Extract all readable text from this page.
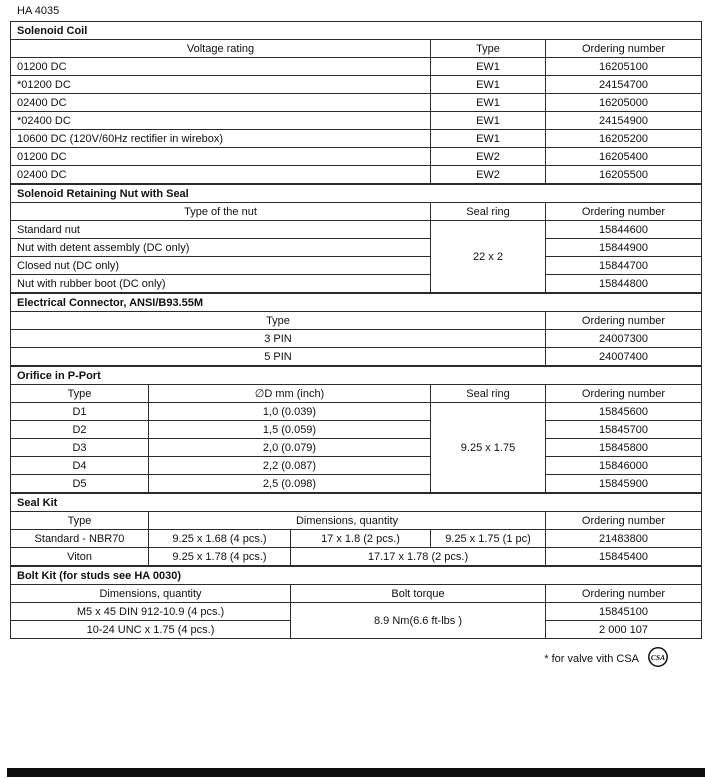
HA 4035
Solenoid Coil		
Voltage rating	Type	Ordering number
01200 DC	EW1	16205100
*01200 DC	EW1	24154700
02400 DC	EW1	16205000
*02400 DC	EW1	24154900
10600 DC (120V/60Hz rectifier in wirebox)	EW1	16205200
01200 DC	EW2	16205400
02400 DC	EW2	16205500
Solenoid Retaining Nut with Seal		
Type of the nut	Seal ring	Ordering number
Standard nut	22 x 2	15844600
Nut with detent assembly (DC only)		15844900
Closed nut (DC only)		15844700
Nut with rubber boot (DC only)		15844800
Electrical Connector, ANSI/B93.55M	
Type	Ordering number
3 PIN	24007300
5 PIN	24007400
Orifice in P-Port			
Type	∅D mm (inch)	Seal ring	Ordering number
D1	1,0 (0.039)	9.25 x 1.75	15845600
D2	1,5 (0.059)		15845700
D3	2,0 (0.079)		15845800
D4	2,2 (0.087)		15846000
D5	2,5 (0.098)		15845900
Seal Kit				
Type	Dimensions, quantity			Ordering number
Standard - NBR70	9.25 x 1.68 (4 pcs.)	17 x 1.8 (2 pcs.)	9.25 x 1.75 (1 pc)	21483800
Viton	9.25 x 1.78 (4 pcs.)	17.17 x 1.78 (2 pcs.)		15845400
Bolt Kit (for studs see HA 0030)		
Dimensions, quantity	Bolt torque	Ordering number
M5 x 45 DIN 912-10.9 (4 pcs.)	8.9 Nm(6.6 ft-lbs )	15845100
10-24 UNC x 1.75 (4 pcs.)		2 000 107
* for valve vith CSA CSA
